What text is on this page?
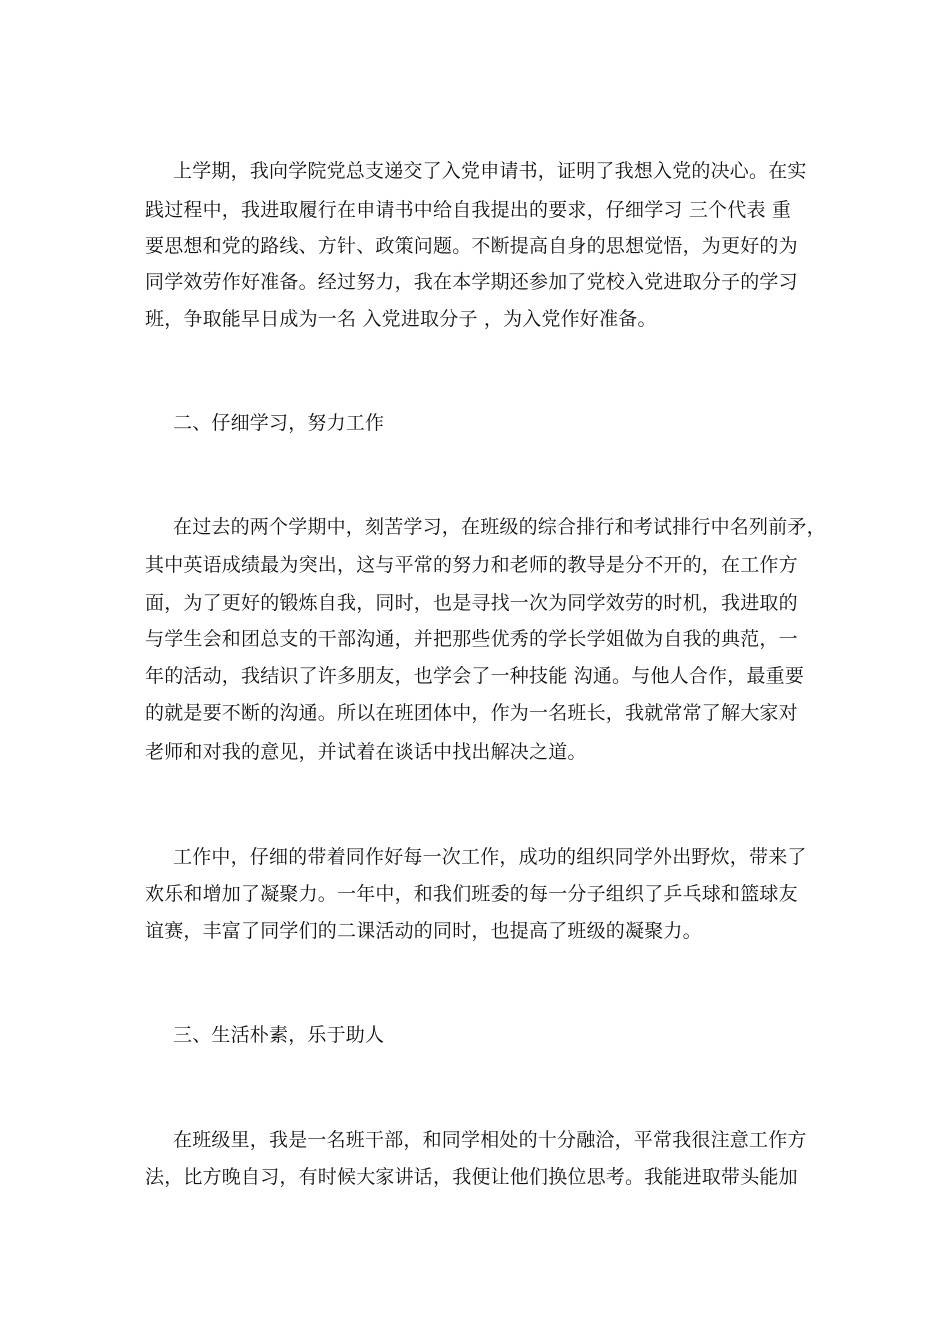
上学期，我向学院党总支递交了入党申请书，证明了我想入党的决心。在实
践过程中，我进取履行在申请书中给自我提出的要求，仔细学习 三个代表 重
要思想和党的路线、方针、政策问题。不断提高自身的思想觉悟，为更好的为
同学效劳作好准备。经过努力，我在本学期还参加了党校入党进取分子的学习
班，争取能早日成为一名 入党进取分子 ，为入党作好准备。
二、仔细学习，努力工作
在过去的两个学期中，刻苦学习，在班级的综合排行和考试排行中名列前矛，
其中英语成绩最为突出，这与平常的努力和老师的教导是分不开的，在工作方
面，为了更好的锻炼自我，同时，也是寻找一次为同学效劳的时机，我进取的
与学生会和团总支的干部沟通，并把那些优秀的学长学姐做为自我的典范，一
年的活动，我结识了许多朋友，也学会了一种技能 沟通。与他人合作，最重要
的就是要不断的沟通。所以在班团体中，作为一名班长，我就常常了解大家对
老师和对我的意见，并试着在谈话中找出解决之道。
工作中，仔细的带着同作好每一次工作，成功的组织同学外出野炊，带来了
欢乐和增加了凝聚力。一年中，和我们班委的每一分子组织了乒乓球和篮球友
谊赛，丰富了同学们的二课活动的同时，也提高了班级的凝聚力。
三、生活朴素，乐于助人
在班级里，我是一名班干部，和同学相处的十分融洽，平常我很注意工作方
法，比方晚自习，有时候大家讲话，我便让他们换位思考。我能进取带头能加
